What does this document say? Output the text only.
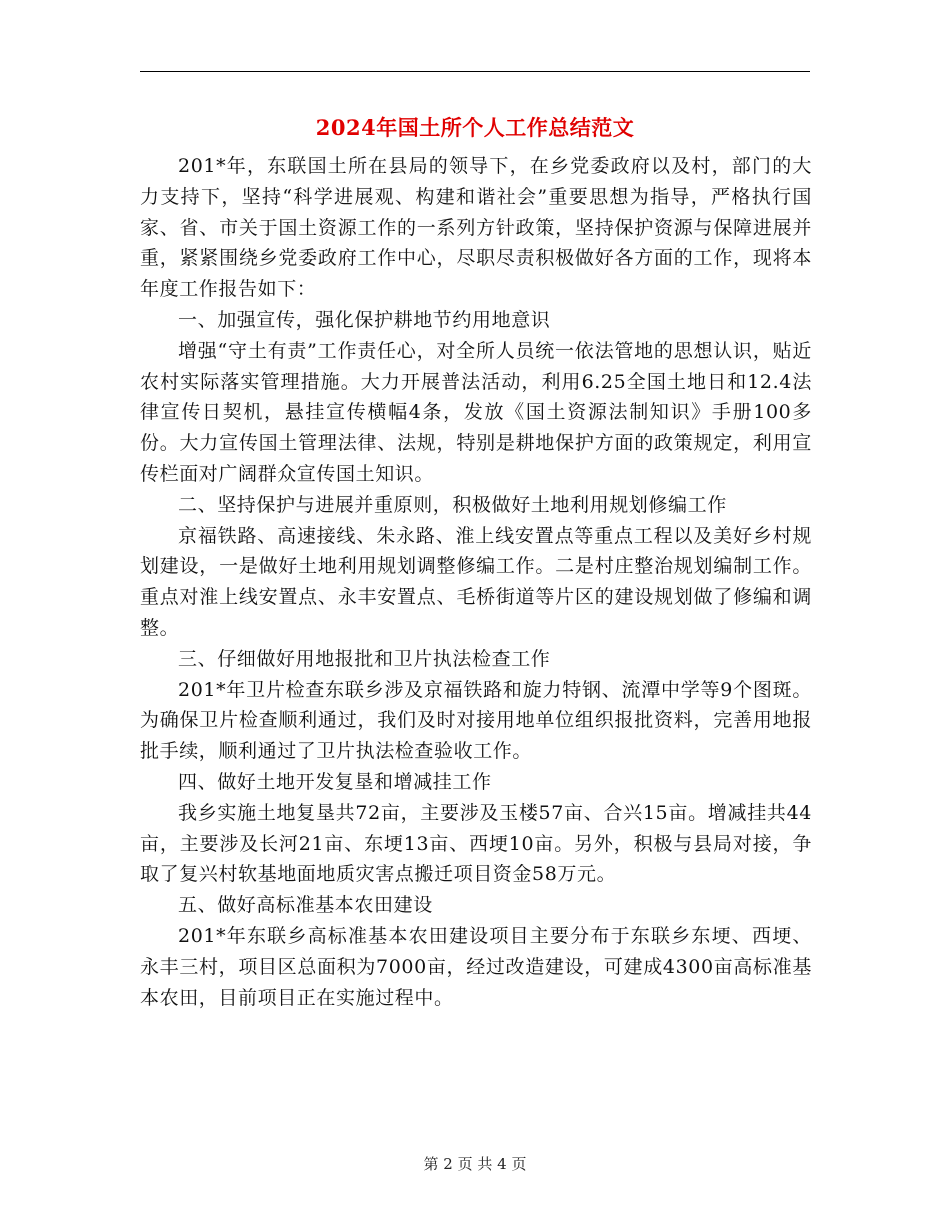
2024年国土所个人工作总结范文

201*年，东联国土所在县局的领导下，在乡党委政府以及村，部门的大力支持下，坚持“科学进展观、构建和谐社会”重要思想为指导，严格执行国家、省、市关于国土资源工作的一系列方针政策，坚持保护资源与保障进展并重，紧紧围绕乡党委政府工作中心，尽职尽责积极做好各方面的工作，现将本年度工作报告如下：

一、加强宣传，强化保护耕地节约用地意识

增强“守土有责”工作责任心，对全所人员统一依法管地的思想认识，贴近农村实际落实管理措施。大力开展普法活动，利用6.25全国土地日和12.4法律宣传日契机，悬挂宣传横幅4条，发放《国土资源法制知识》手册100多份。大力宣传国土管理法律、法规，特别是耕地保护方面的政策规定，利用宣传栏面对广阔群众宣传国土知识。

二、坚持保护与进展并重原则，积极做好土地利用规划修编工作

京福铁路、高速接线、朱永路、淮上线安置点等重点工程以及美好乡村规划建设，一是做好土地利用规划调整修编工作。二是村庄整治规划编制工作。重点对淮上线安置点、永丰安置点、毛桥街道等片区的建设规划做了修编和调整。

三、仔细做好用地报批和卫片执法检查工作

201*年卫片检查东联乡涉及京福铁路和旋力特钢、流潭中学等9个图斑。为确保卫片检查顺利通过，我们及时对接用地单位组织报批资料，完善用地报批手续，顺利通过了卫片执法检查验收工作。

四、做好土地开发复垦和增减挂工作

我乡实施土地复垦共72亩，主要涉及玉楼57亩、合兴15亩。增减挂共44亩，主要涉及长河21亩、东埂13亩、西埂10亩。另外，积极与县局对接，争取了复兴村软基地面地质灾害点搬迁项目资金58万元。

五、做好高标准基本农田建设

201*年东联乡高标准基本农田建设项目主要分布于东联乡东埂、西埂、永丰三村，项目区总面积为7000亩，经过改造建设，可建成4300亩高标准基本农田，目前项目正在实施过程中。

第 2 页 共 4 页
